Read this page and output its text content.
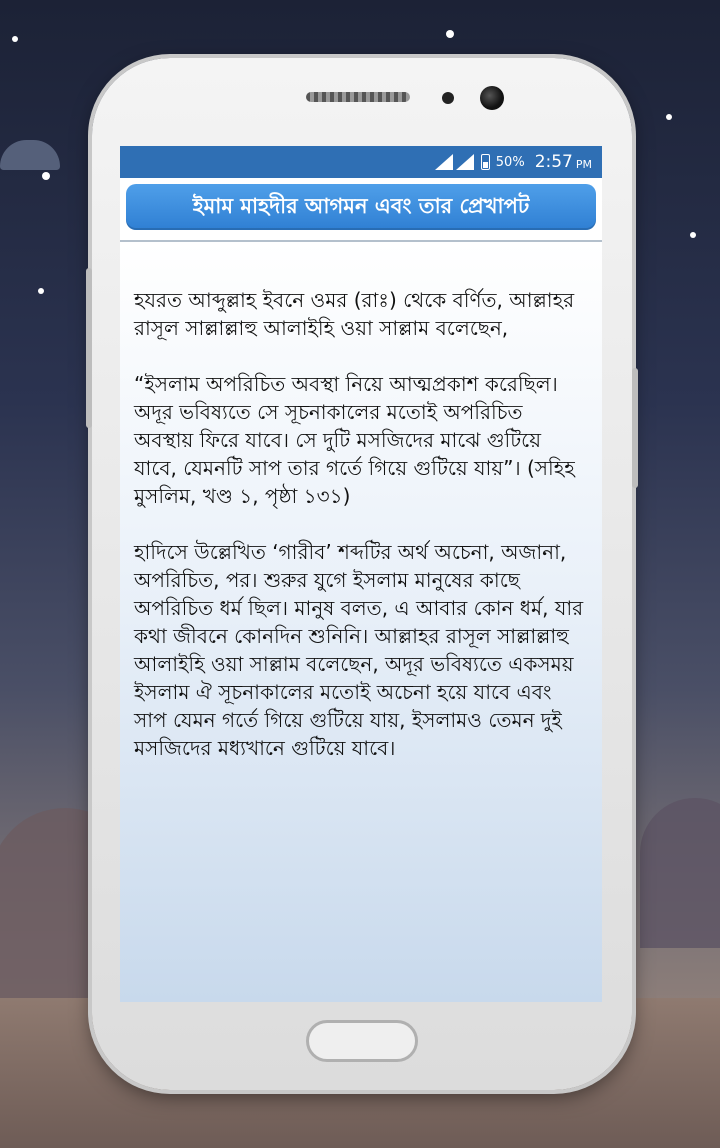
50% 2:57 PM
ইমাম মাহদীর আগমন এবং তার প্রেখাপট

হযরত আব্দুল্লাহ ইবনে ওমর (রাঃ) থেকে বর্ণিত, আল্লাহর রাসূল সাল্লাল্লাহু আলাইহি ওয়া সাল্লাম বলেছেন,

“ইসলাম অপরিচিত অবস্থা নিয়ে আত্মপ্রকাশ করেছিল। অদূর ভবিষ্যতে সে সূচনাকালের মতোই অপরিচিত অবস্থায় ফিরে যাবে। সে দুটি মসজিদের মাঝে গুটিয়ে যাবে, যেমনটি সাপ তার গর্তে গিয়ে গুটিয়ে যায়”। (সহিহ মুসলিম, খণ্ড ১, পৃষ্ঠা ১৩১)

হাদিসে উল্লেখিত ‘গারীব’ শব্দটির অর্থ অচেনা, অজানা, অপরিচিত, পর। শুরুর যুগে ইসলাম মানুষের কাছে অপরিচিত ধর্ম ছিল। মানুষ বলত, এ আবার কোন ধর্ম, যার কথা জীবনে কোনদিন শুনিনি। আল্লাহর রাসূল সাল্লাল্লাহু আলাইহি ওয়া সাল্লাম বলেছেন, অদূর ভবিষ্যতে একসময় ইসলাম ঐ সূচনাকালের মতোই অচেনা হয়ে যাবে এবং সাপ যেমন গর্তে গিয়ে গুটিয়ে যায়, ইসলামও তেমন দুই মসজিদের মধ্যখানে গুটিয়ে যাবে।
